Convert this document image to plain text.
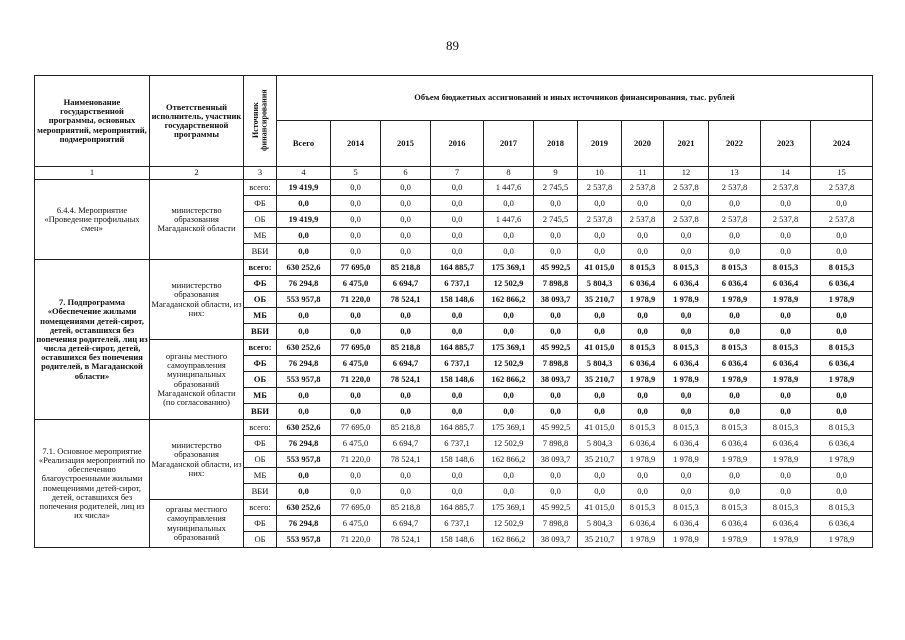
89
Наименование государственной программы, основных мероприятий, мероприятий, подмероприятий	Ответственный исполнитель, участник государственной программы	Источник финансирования	Объем бюджетных ассигнований и иных источников финансирования, тыс. рублей											
			Всего	2014	2015	2016	2017	2018	2019	2020	2021	2022	2023	2024
1	2	3	4	5	6	7	8	9	10	11	12	13	14	15
6.4.4. Мероприятие «Проведение профильных смен»	министерство образования Магаданской области	всего:	19 419,9	0,0	0,0	0,0	1 447,6	2 745,5	2 537,8	2 537,8	2 537,8	2 537,8	2 537,8	2 537,8
		ФБ	0,0	0,0	0,0	0,0	0,0	0,0	0,0	0,0	0,0	0,0	0,0	0,0
		ОБ	19 419,9	0,0	0,0	0,0	1 447,6	2 745,5	2 537,8	2 537,8	2 537,8	2 537,8	2 537,8	2 537,8
		МБ	0,0	0,0	0,0	0,0	0,0	0,0	0,0	0,0	0,0	0,0	0,0	0,0
		ВБИ	0,0	0,0	0,0	0,0	0,0	0,0	0,0	0,0	0,0	0,0	0,0	0,0
7. Подпрограмма «Обеспечение жилыми помещениями детей-сирот, детей, оставшихся без попечения родителей, лиц из числа детей-сирот, детей, оставшихся без попечения родителей, в Магаданской области»	министерство образования Магаданской области, из них:	всего:	630 252,6	77 695,0	85 218,8	164 885,7	175 369,1	45 992,5	41 015,0	8 015,3	8 015,3	8 015,3	8 015,3	8 015,3
		ФБ	76 294,8	6 475,0	6 694,7	6 737,1	12 502,9	7 898,8	5 804,3	6 036,4	6 036,4	6 036,4	6 036,4	6 036,4
		ОБ	553 957,8	71 220,0	78 524,1	158 148,6	162 866,2	38 093,7	35 210,7	1 978,9	1 978,9	1 978,9	1 978,9	1 978,9
		МБ	0,0	0,0	0,0	0,0	0,0	0,0	0,0	0,0	0,0	0,0	0,0	0,0
		ВБИ	0,0	0,0	0,0	0,0	0,0	0,0	0,0	0,0	0,0	0,0	0,0	0,0
	органы местного самоуправления муниципальных образований Магаданской области (по согласованию)	всего:	630 252,6	77 695,0	85 218,8	164 885,7	175 369,1	45 992,5	41 015,0	8 015,3	8 015,3	8 015,3	8 015,3	8 015,3
		ФБ	76 294,8	6 475,0	6 694,7	6 737,1	12 502,9	7 898,8	5 804,3	6 036,4	6 036,4	6 036,4	6 036,4	6 036,4
		ОБ	553 957,8	71 220,0	78 524,1	158 148,6	162 866,2	38 093,7	35 210,7	1 978,9	1 978,9	1 978,9	1 978,9	1 978,9
		МБ	0,0	0,0	0,0	0,0	0,0	0,0	0,0	0,0	0,0	0,0	0,0	0,0
		ВБИ	0,0	0,0	0,0	0,0	0,0	0,0	0,0	0,0	0,0	0,0	0,0	0,0
7.1. Основное мероприятие «Реализация мероприятий по обеспечению благоустроенными жилыми помещениями детей-сирот, детей, оставшихся без попечения родителей, лиц из их числа»	министерство образования Магаданской области, из них:	всего:	630 252,6	77 695,0	85 218,8	164 885,7	175 369,1	45 992,5	41 015,0	8 015,3	8 015,3	8 015,3	8 015,3	8 015,3
		ФБ	76 294,8	6 475,0	6 694,7	6 737,1	12 502,9	7 898,8	5 804,3	6 036,4	6 036,4	6 036,4	6 036,4	6 036,4
		ОБ	553 957,8	71 220,0	78 524,1	158 148,6	162 866,2	38 093,7	35 210,7	1 978,9	1 978,9	1 978,9	1 978,9	1 978,9
		МБ	0,0	0,0	0,0	0,0	0,0	0,0	0,0	0,0	0,0	0,0	0,0	0,0
		ВБИ	0,0	0,0	0,0	0,0	0,0	0,0	0,0	0,0	0,0	0,0	0,0	0,0
	органы местного самоуправления муниципальных образований	всего:	630 252,6	77 695,0	85 218,8	164 885,7	175 369,1	45 992,5	41 015,0	8 015,3	8 015,3	8 015,3	8 015,3	8 015,3
		ФБ	76 294,8	6 475,0	6 694,7	6 737,1	12 502,9	7 898,8	5 804,3	6 036,4	6 036,4	6 036,4	6 036,4	6 036,4
		ОБ	553 957,8	71 220,0	78 524,1	158 148,6	162 866,2	38 093,7	35 210,7	1 978,9	1 978,9	1 978,9	1 978,9	1 978,9
